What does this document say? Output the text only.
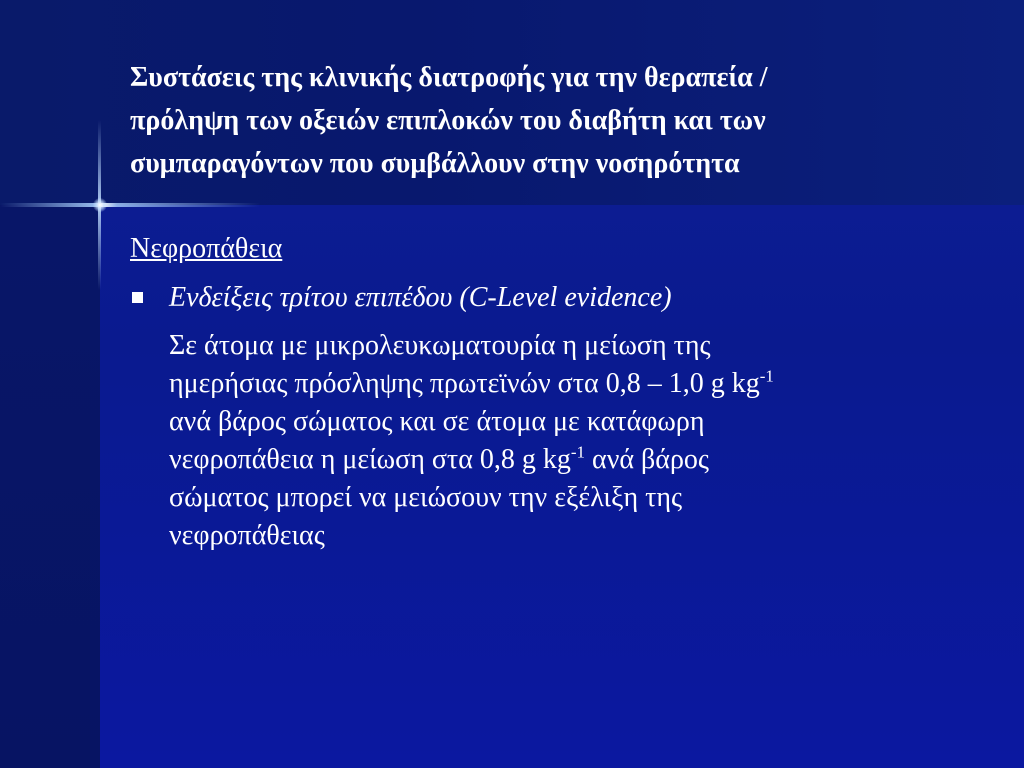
Συστάσεις της κλινικής διατροφής για την θεραπεία /
πρόληψη των οξειών επιπλοκών του διαβήτη και των
συμπαραγόντων που συμβάλλουν στην νοσηρότητα

Νεφροπάθεια

Ενδείξεις τρίτου επιπέδου (C-Level evidence)

Σε άτομα με μικρολευκωματουρία η μείωση της
ημερήσιας πρόσληψης πρωτεϊνών στα 0,8 – 1,0 g $kg^{-1}$
ανά βάρος σώματος και σε άτομα με κατάφωρη
νεφροπάθεια η μείωση στα 0,8 g $kg^{-1}$ ανά βάρος
σώματος μπορεί να μειώσουν την εξέλιξη της
νεφροπάθειας
